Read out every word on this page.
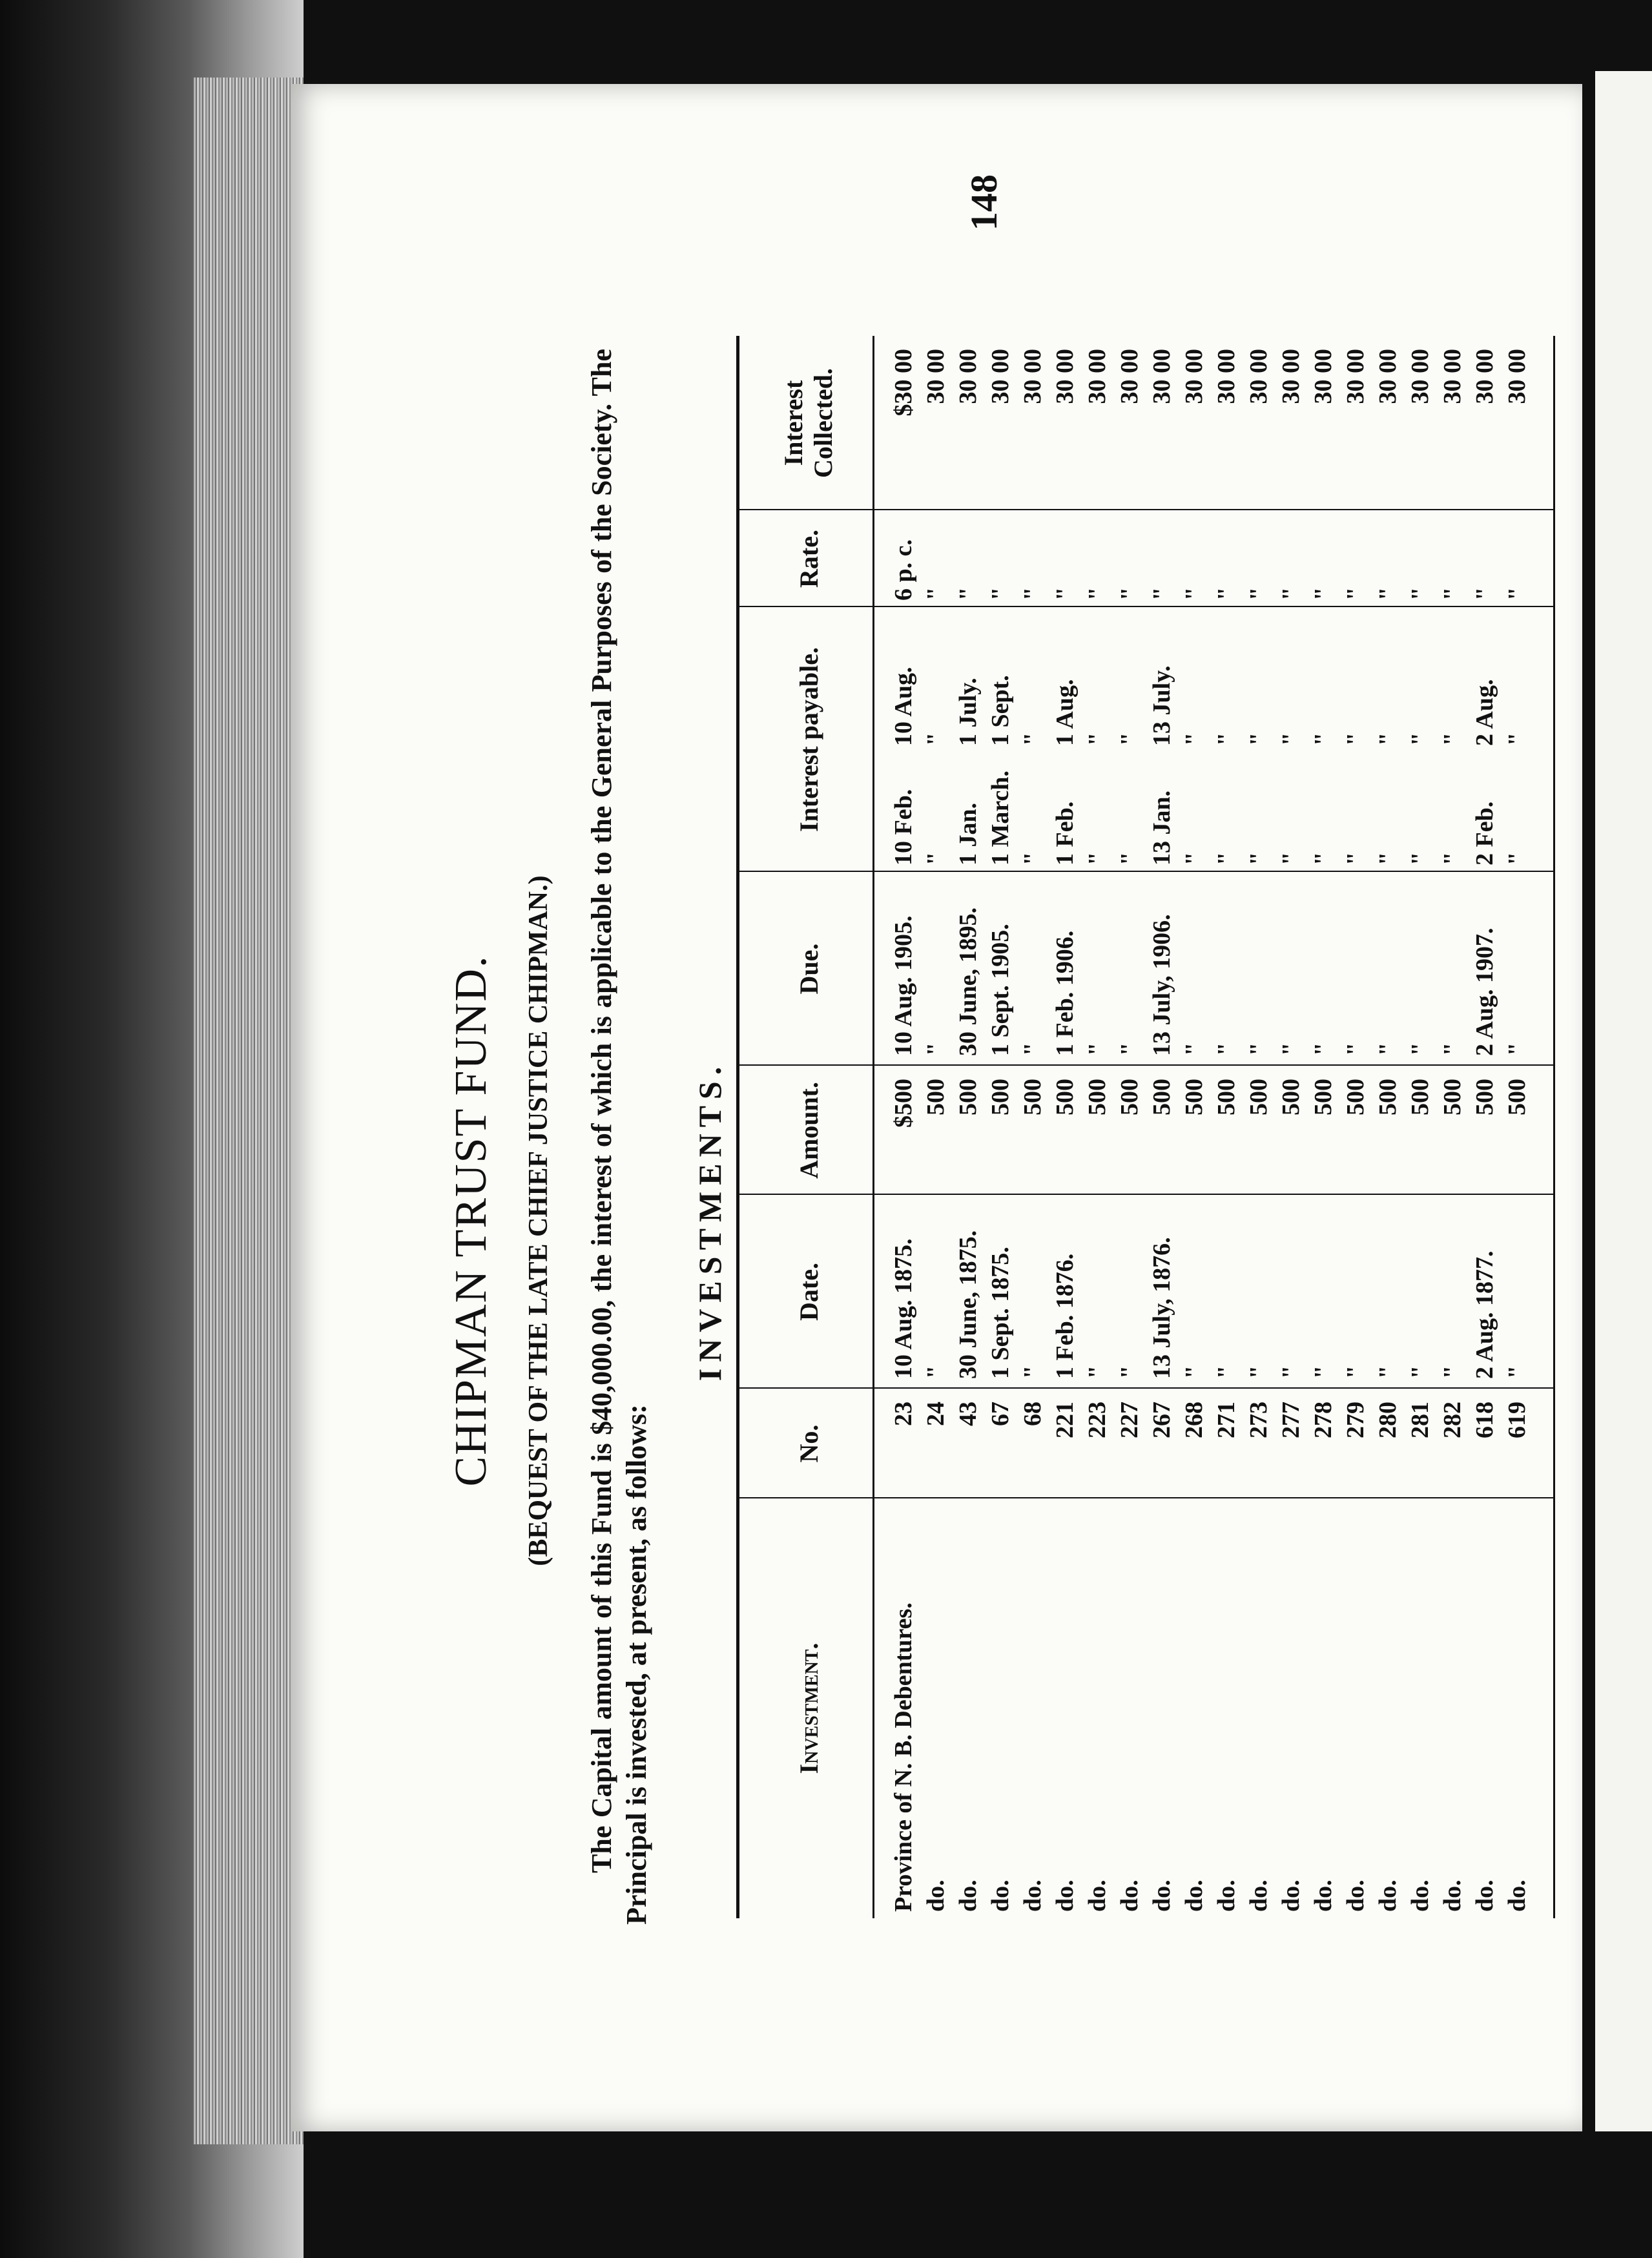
148
CHIPMAN TRUST FUND. (BEQUEST OF THE LATE CHIEF JUSTICE CHIPMAN.) The Capital amount of this Fund is $40,000.00, the interest of which is applicable to the General Purposes of the Society. The Principal is invested, at present, as follows:
INVESTMENTS.
Investment.
No.
Date.
Amount.
Due.
Interest payable.
Rate.
Interest Collected.
Province of N. B. Debentures.
23
10 Aug. 1875.
$500
10 Aug. 1905.
10 Feb.
10 Aug.
6 p. c.
$30 00
do.
24
"
500
"
"
"
"
30 00
do.
43
30 June, 1875.
500
30 June, 1895.
1 Jan.
1 July.
"
30 00
do.
67
1 Sept. 1875.
500
1 Sept. 1905.
1 March.
1 Sept.
"
30 00
do.
68
"
500
"
"
"
"
30 00
do.
221
1 Feb. 1876.
500
1 Feb. 1906.
1 Feb.
1 Aug.
"
30 00
do.
223
"
500
"
"
"
"
30 00
do.
227
"
500
"
"
"
"
30 00
do.
267
13 July, 1876.
500
13 July, 1906.
13 Jan.
13 July.
"
30 00
do.
268
"
500
"
"
"
"
30 00
do.
271
"
500
"
"
"
"
30 00
do.
273
"
500
"
"
"
"
30 00
do.
277
"
500
"
"
"
"
30 00
do.
278
"
500
"
"
"
"
30 00
do.
279
"
500
"
"
"
"
30 00
do.
280
"
500
"
"
"
"
30 00
do.
281
"
500
"
"
"
"
30 00
do.
282
"
500
"
"
"
"
30 00
do.
618
2 Aug. 1877.
500
2 Aug. 1907.
2 Feb.
2 Aug.
"
30 00
do.
619
"
500
"
"
"
"
30 00
